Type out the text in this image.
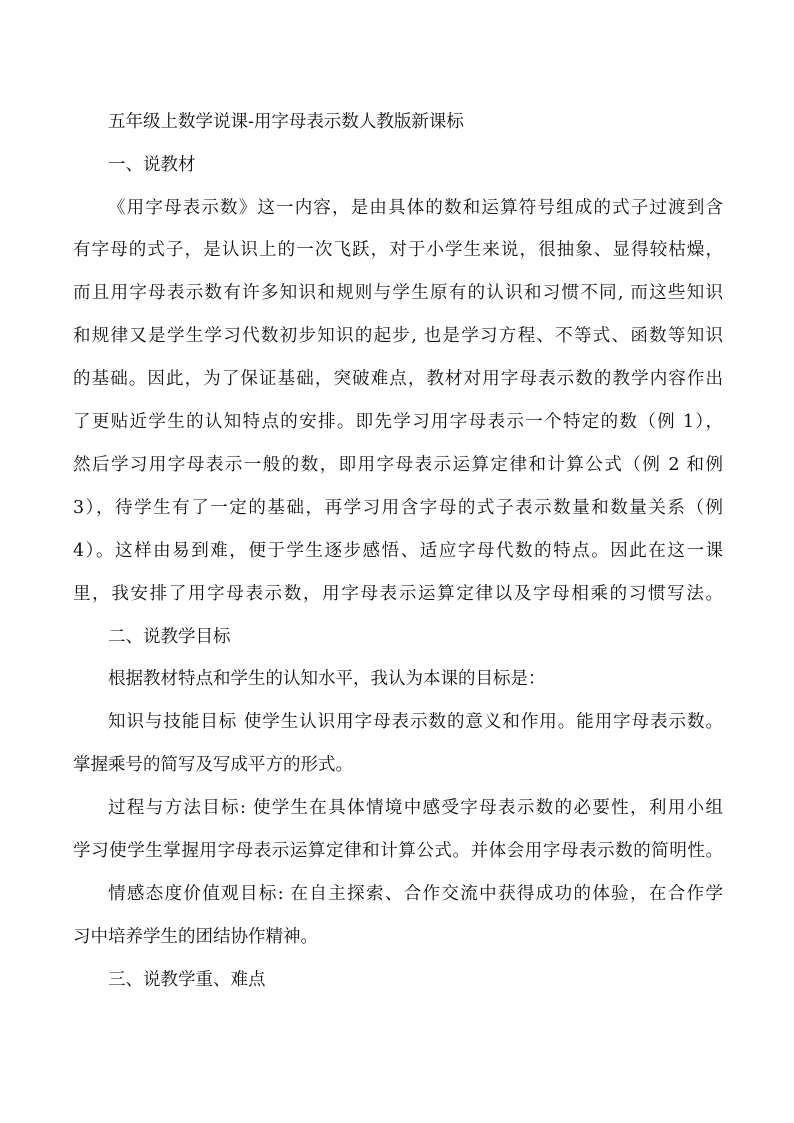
五年级上数学说课-用字母表示数人教版新课标
一、说教材
《用字母表示数》这一内容，是由具体的数和运算符号组成的式子过渡到含
有字母的式子，是认识上的一次飞跃，对于小学生来说，很抽象、显得较枯燥，
而且用字母表示数有许多知识和规则与学生原有的认识和习惯不同, 而这些知识
和规律又是学生学习代数初步知识的起步, 也是学习方程、不等式、函数等知识
的基础。因此，为了保证基础，突破难点，教材对用字母表示数的教学内容作出
了更贴近学生的认知特点的安排。即先学习用字母表示一个特定的数（例 1），
然后学习用字母表示一般的数，即用字母表示运算定律和计算公式（例 2 和例
3），待学生有了一定的基础，再学习用含字母的式子表示数量和数量关系（例
4）。这样由易到难，便于学生逐步感悟、适应字母代数的特点。因此在这一课
里，我安排了用字母表示数，用字母表示运算定律以及字母相乘的习惯写法。
二、说教学目标
根据教材特点和学生的认知水平，我认为本课的目标是：
知识与技能目标 使学生认识用字母表示数的意义和作用。能用字母表示数。
掌握乘号的简写及写成平方的形式。
过程与方法目标: 使学生在具体情境中感受字母表示数的必要性，利用小组
学习使学生掌握用字母表示运算定律和计算公式。并体会用字母表示数的简明性。
情感态度价值观目标: 在自主探索、合作交流中获得成功的体验，在合作学
习中培养学生的团结协作精神。
三、说教学重、难点
